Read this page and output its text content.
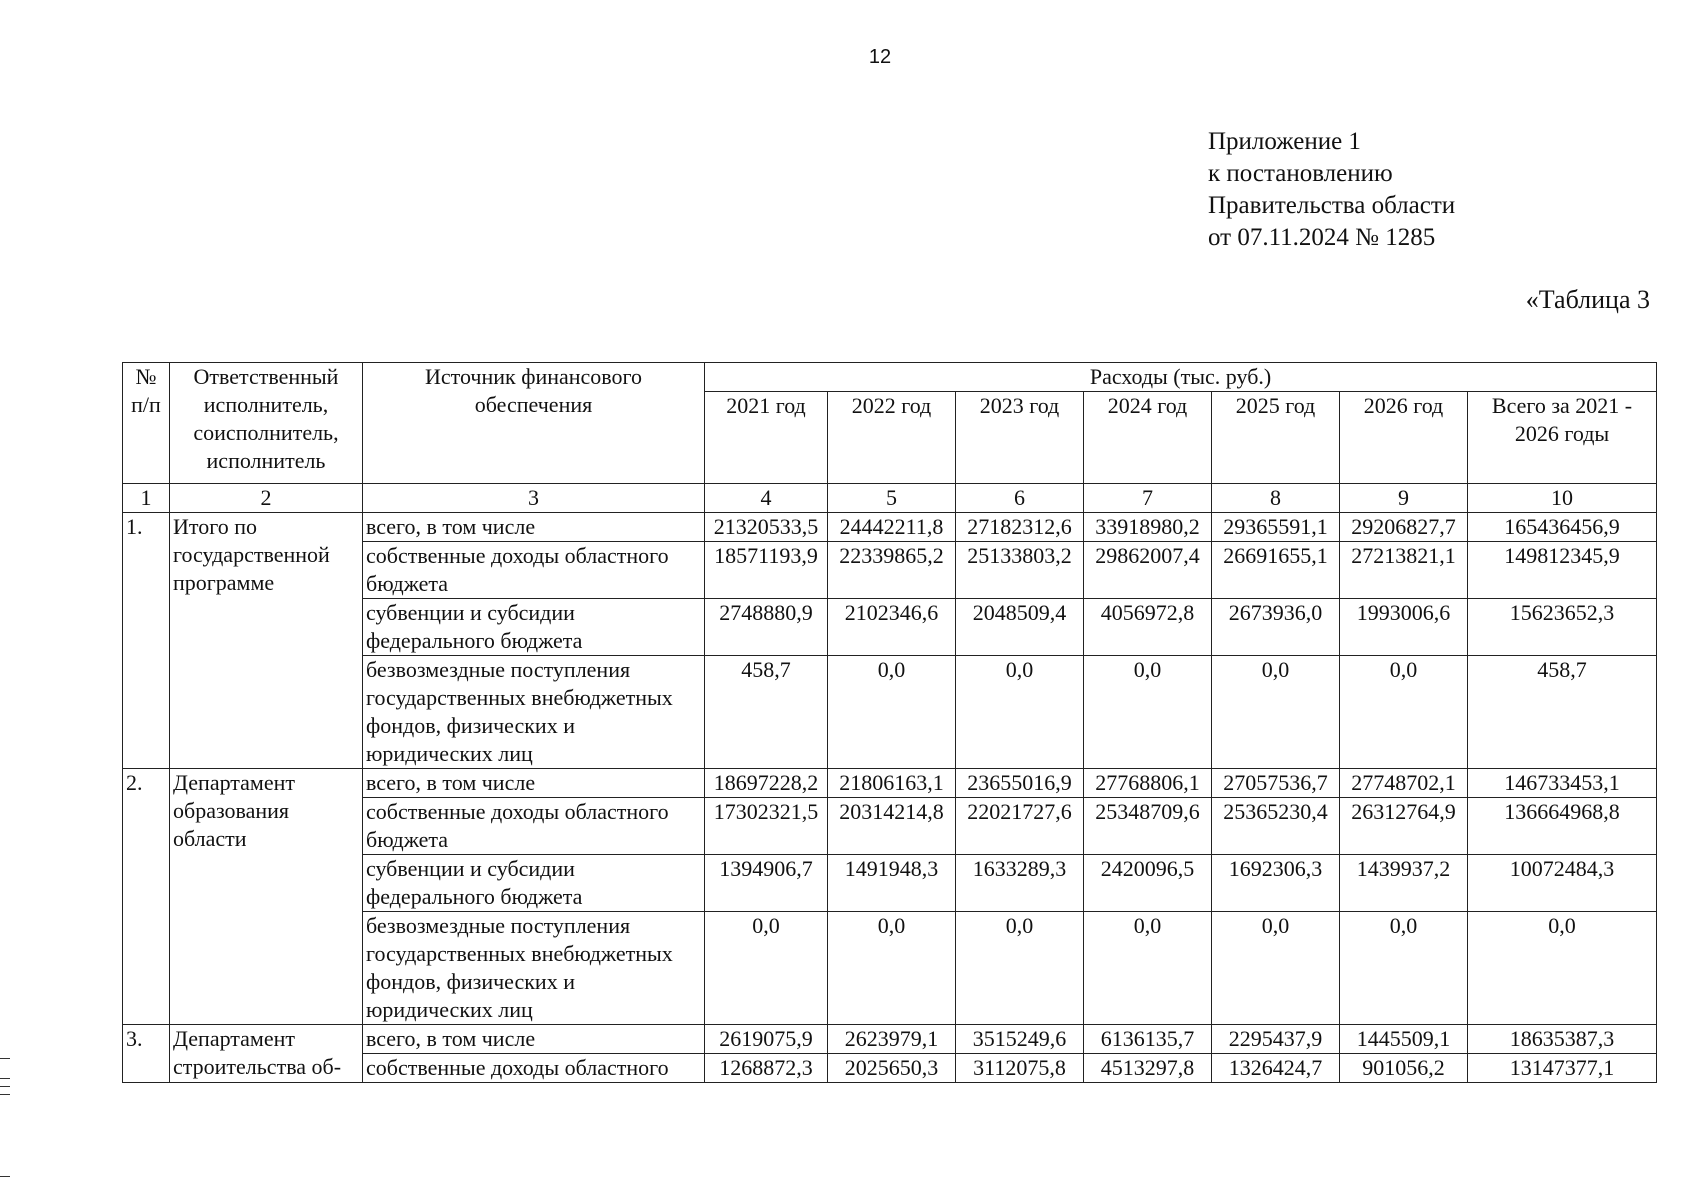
12
Приложение 1
к постановлению
Правительства области
от 07.11.2024 № 1285
«Таблица 3
№ п/п	Ответственный исполнитель, соисполнитель, исполнитель	Источник финансового обеспечения	Расходы (тыс. руб.)						
			2021 год	2022 год	2023 год	2024 год	2025 год	2026 год	Всего за 2021 - 2026 годы
1	2	3	4	5	6	7	8	9	10
1.	Итого по государственной программе	всего, в том числе	21320533,5	24442211,8	27182312,6	33918980,2	29365591,1	29206827,7	165436456,9
		собственные доходы областного бюджета	18571193,9	22339865,2	25133803,2	29862007,4	26691655,1	27213821,1	149812345,9
		субвенции и субсидии федерального бюджета	2748880,9	2102346,6	2048509,4	4056972,8	2673936,0	1993006,6	15623652,3
		безвозмездные поступления государственных внебюджетных фондов, физических и юридических лиц	458,7	0,0	0,0	0,0	0,0	0,0	458,7
2.	Департамент образования области	всего, в том числе	18697228,2	21806163,1	23655016,9	27768806,1	27057536,7	27748702,1	146733453,1
		собственные доходы областного бюджета	17302321,5	20314214,8	22021727,6	25348709,6	25365230,4	26312764,9	136664968,8
		субвенции и субсидии федерального бюджета	1394906,7	1491948,3	1633289,3	2420096,5	1692306,3	1439937,2	10072484,3
		безвозмездные поступления государственных внебюджетных фондов, физических и юридических лиц	0,0	0,0	0,0	0,0	0,0	0,0	0,0
3.	Департамент строительства об-	всего, в том числе	2619075,9	2623979,1	3515249,6	6136135,7	2295437,9	1445509,1	18635387,3
		собственные доходы областного	1268872,3	2025650,3	3112075,8	4513297,8	1326424,7	901056,2	13147377,1
